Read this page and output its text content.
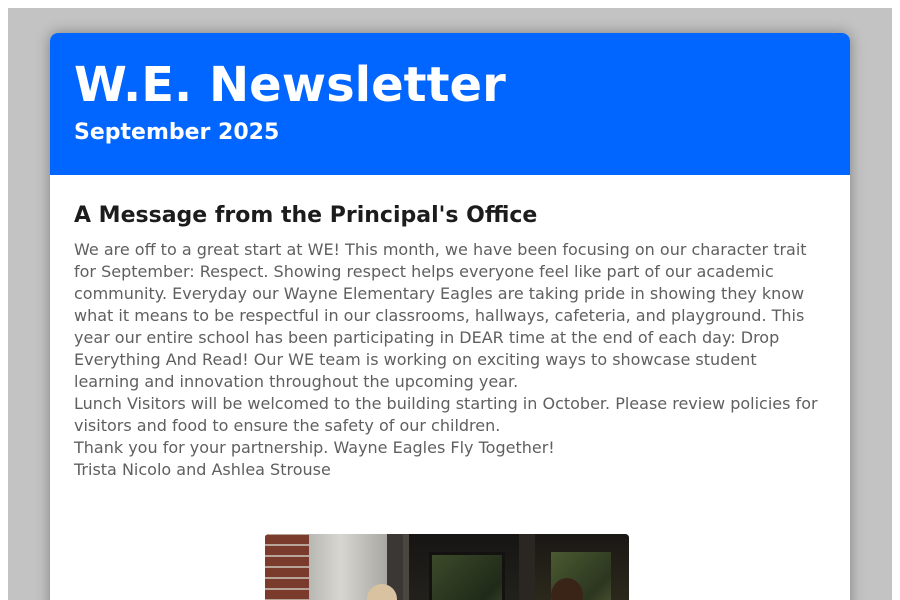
W.E. Newsletter
September 2025
A Message from the Principal's Office

We are off to a great start at WE! This month, we have been focusing on our character trait for September: Respect. Showing respect helps everyone feel like part of our academic community. Everyday our Wayne Elementary Eagles are taking pride in showing they know what it means to be respectful in our classrooms, hallways, cafeteria, and playground. This year our entire school has been participating in DEAR time at the end of each day: Drop Everything And Read! Our WE team is working on exciting ways to showcase student learning and innovation throughout the upcoming year.

Lunch Visitors will be welcomed to the building starting in October. Please review policies for visitors and food to ensure the safety of our children.

Thank you for your partnership. Wayne Eagles Fly Together!

Trista Nicolo and Ashlea Strouse
